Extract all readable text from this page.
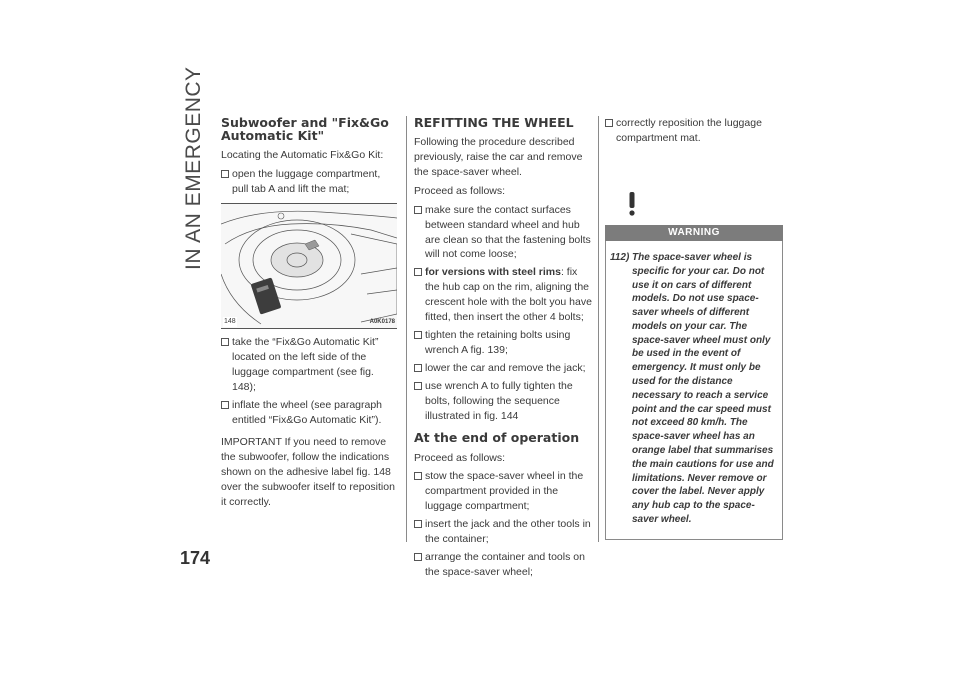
IN AN EMERGENCY Subwoofer and "Fix&Go Automatic Kit"

Locating the Automatic Fix&Go Kit:

open the luggage compartment, pull tab A and lift the mat;
148	A0K0178
take the “Fix&Go Automatic Kit” located on the left side of the luggage compartment (see fig. 148);
inflate the wheel (see paragraph entitled “Fix&Go Automatic Kit”).

IMPORTANT If you need to remove the subwoofer, follow the indications shown on the adhesive label fig. 148 over the subwoofer itself to reposition it correctly.

REFITTING THE WHEEL

Following the procedure described previously, raise the car and remove the space-saver wheel.

Proceed as follows:

make sure the contact surfaces between standard wheel and hub are clean so that the fastening bolts will not come loose;
for versions with steel rims: fix the hub cap on the rim, aligning the crescent hole with the bolt you have fitted, then insert the other 4 bolts;
tighten the retaining bolts using wrench A fig. 139;
lower the car and remove the jack;
use wrench A to fully tighten the bolts, following the sequence illustrated in fig. 144
At the end of operation

Proceed as follows:

stow the space-saver wheel in the compartment provided in the luggage compartment;
insert the jack and the other tools in the container;
arrange the container and tools on the space-saver wheel;
correctly reposition the luggage compartment mat.
WARNING
112) The space-saver wheel is specific for your car. Do not use it on cars of different models. Do not use space-saver wheels of different models on your car. The space-saver wheel must only be used in the event of emergency. It must only be used for the distance necessary to reach a service point and the car speed must not exceed 80 km/h. The space-saver wheel has an orange label that summarises the main cautions for use and limitations. Never remove or cover the label. Never apply any hub cap to the space-saver wheel.
174
